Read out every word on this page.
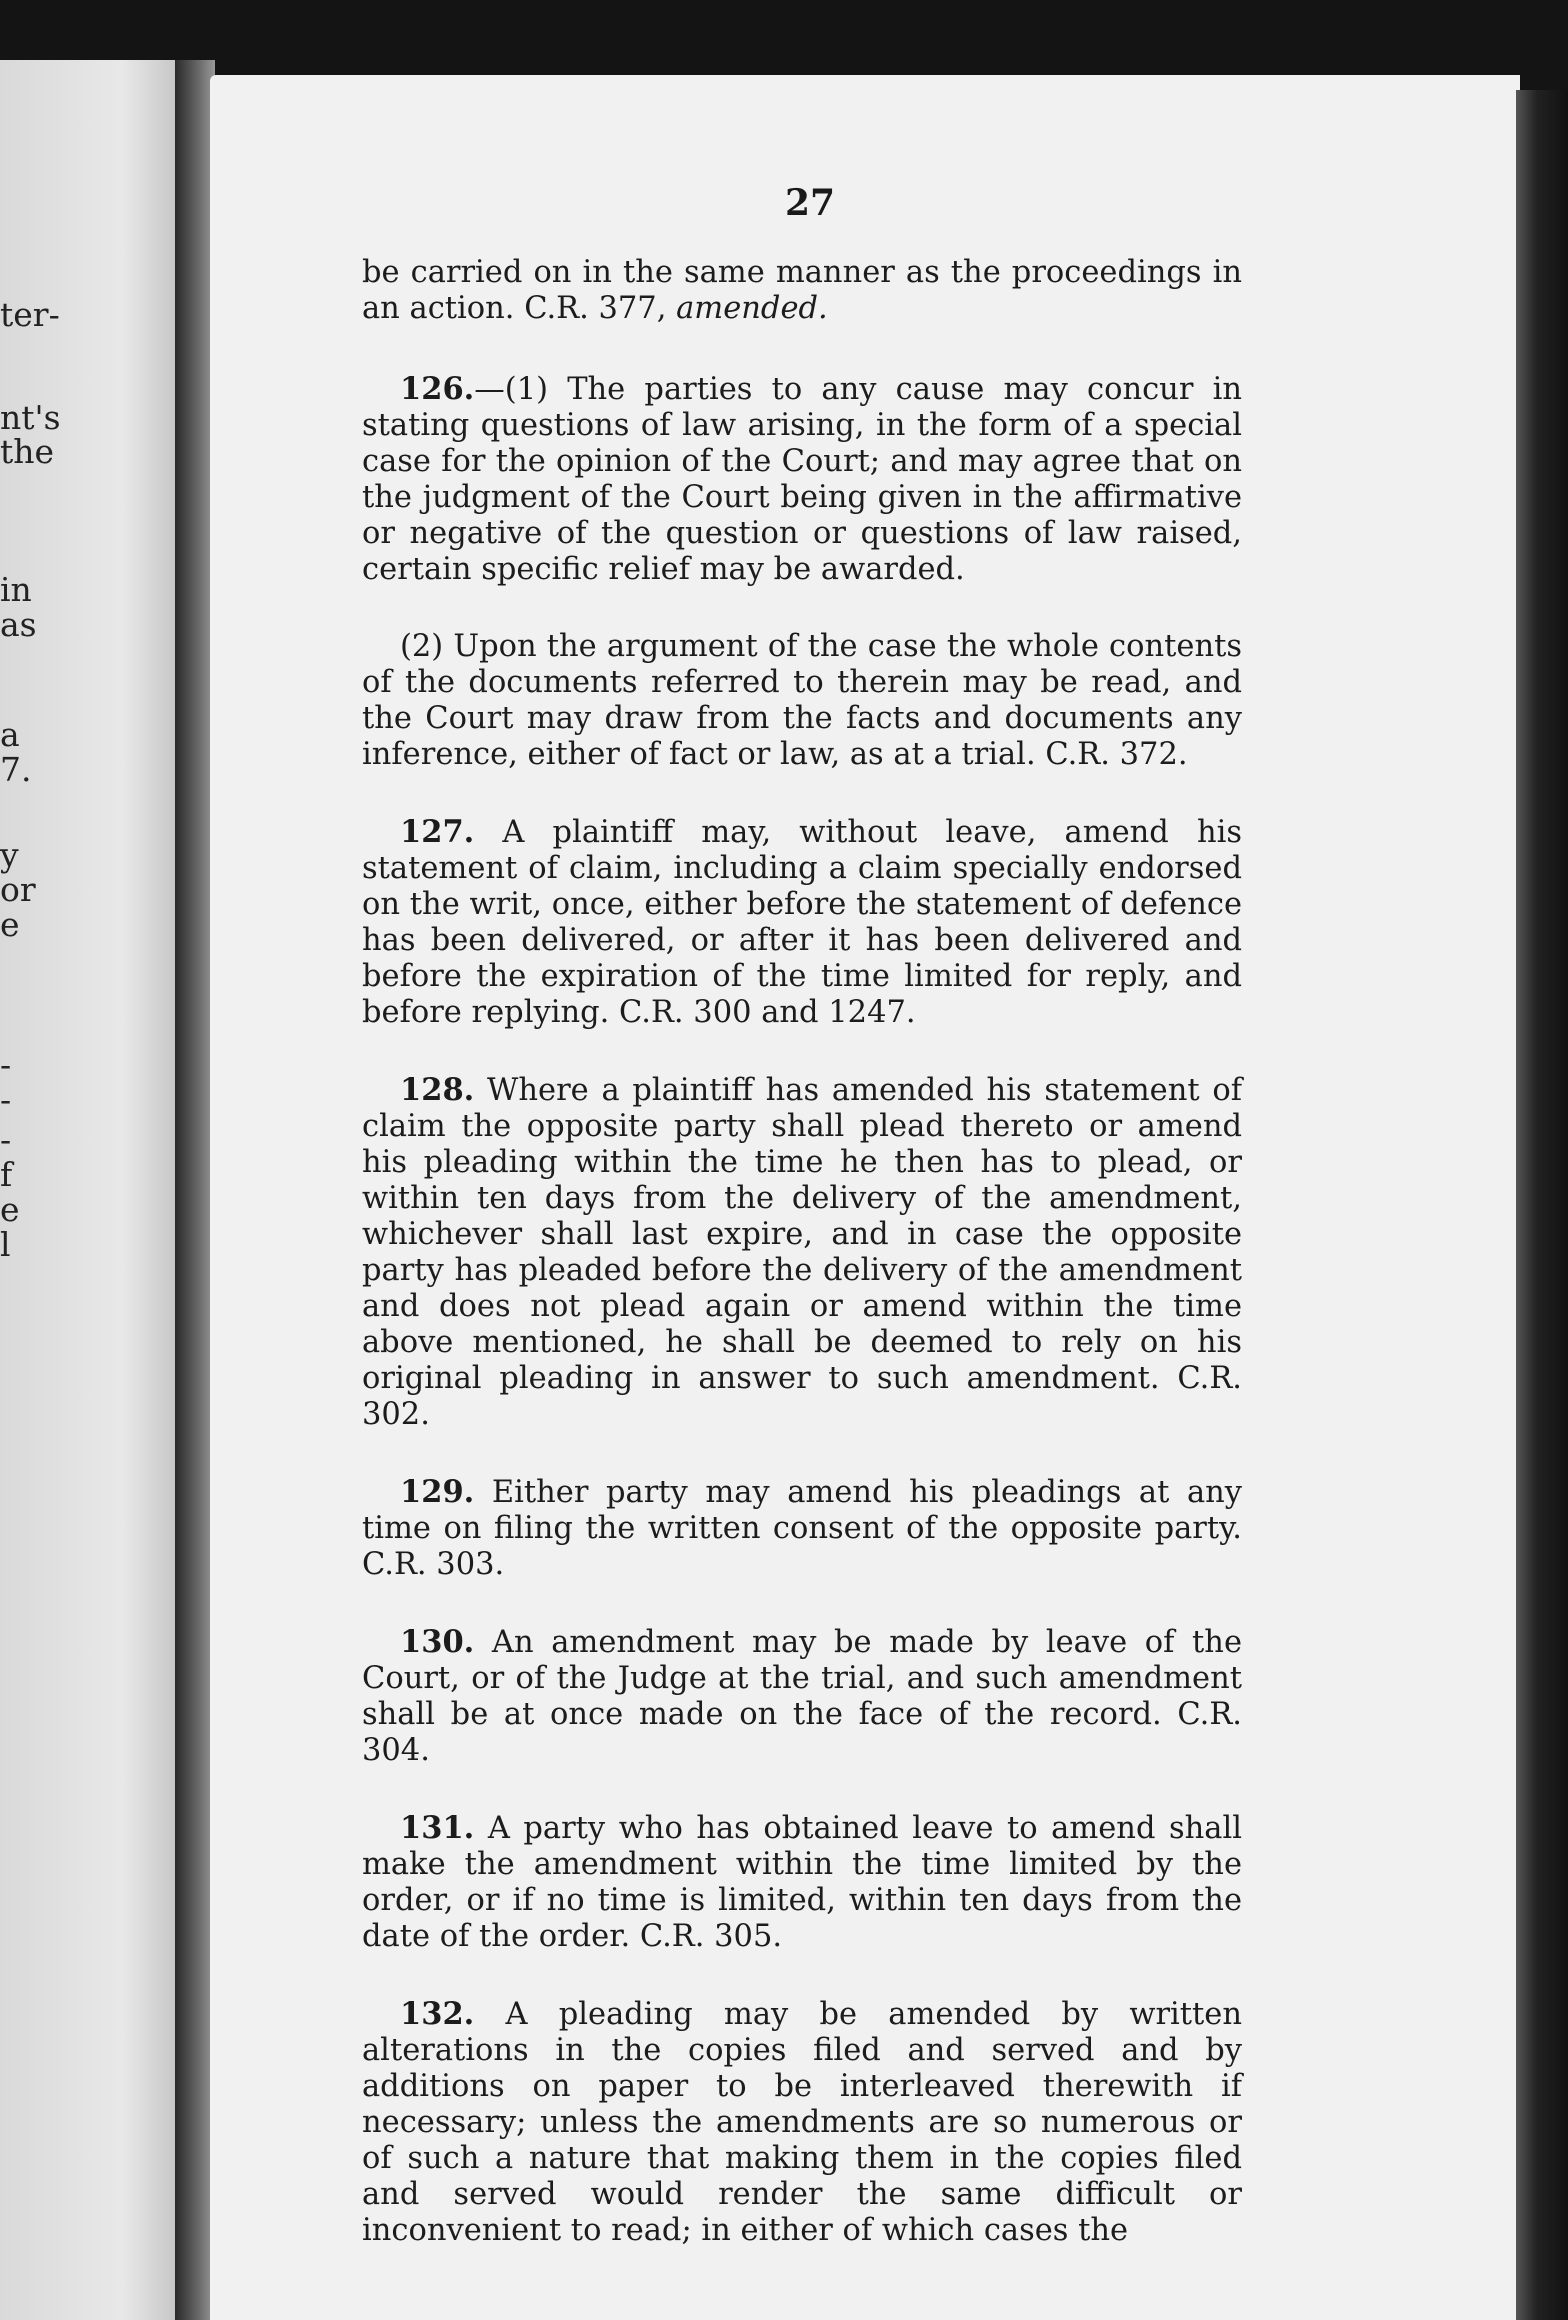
ter-
nt's
the
in
as
a
7.
y
or
e
-
-
-
f
e
l
27

be carried on in the same manner as the proceedings in an action. C.R. 377, amended.

126.—(1) The parties to any cause may concur in stating questions of law arising, in the form of a special case for the opinion of the Court; and may agree that on the judgment of the Court being given in the affirmative or negative of the question or questions of law raised, certain specific relief may be awarded.

(2) Upon the argument of the case the whole contents of the documents referred to therein may be read, and the Court may draw from the facts and documents any inference, either of fact or law, as at a trial. C.R. 372.

127. A plaintiff may, without leave, amend his statement of claim, including a claim specially endorsed on the writ, once, either before the statement of defence has been delivered, or after it has been delivered and before the expiration of the time limited for reply, and before replying. C.R. 300 and 1247.

128. Where a plaintiff has amended his statement of claim the opposite party shall plead thereto or amend his pleading within the time he then has to plead, or within ten days from the delivery of the amendment, whichever shall last expire, and in case the opposite party has pleaded before the delivery of the amendment and does not plead again or amend within the time above mentioned, he shall be deemed to rely on his original pleading in answer to such amendment. C.R. 302.

129. Either party may amend his pleadings at any time on filing the written consent of the opposite party. C.R. 303.

130. An amendment may be made by leave of the Court, or of the Judge at the trial, and such amendment shall be at once made on the face of the record. C.R. 304.

131. A party who has obtained leave to amend shall make the amendment within the time limited by the order, or if no time is limited, within ten days from the date of the order. C.R. 305.

132. A pleading may be amended by written alterations in the copies filed and served and by additions on paper to be interleaved therewith if necessary; unless the amendments are so numerous or of such a nature that making them in the copies filed and served would render the same difficult or inconvenient to read; in either of which cases the
